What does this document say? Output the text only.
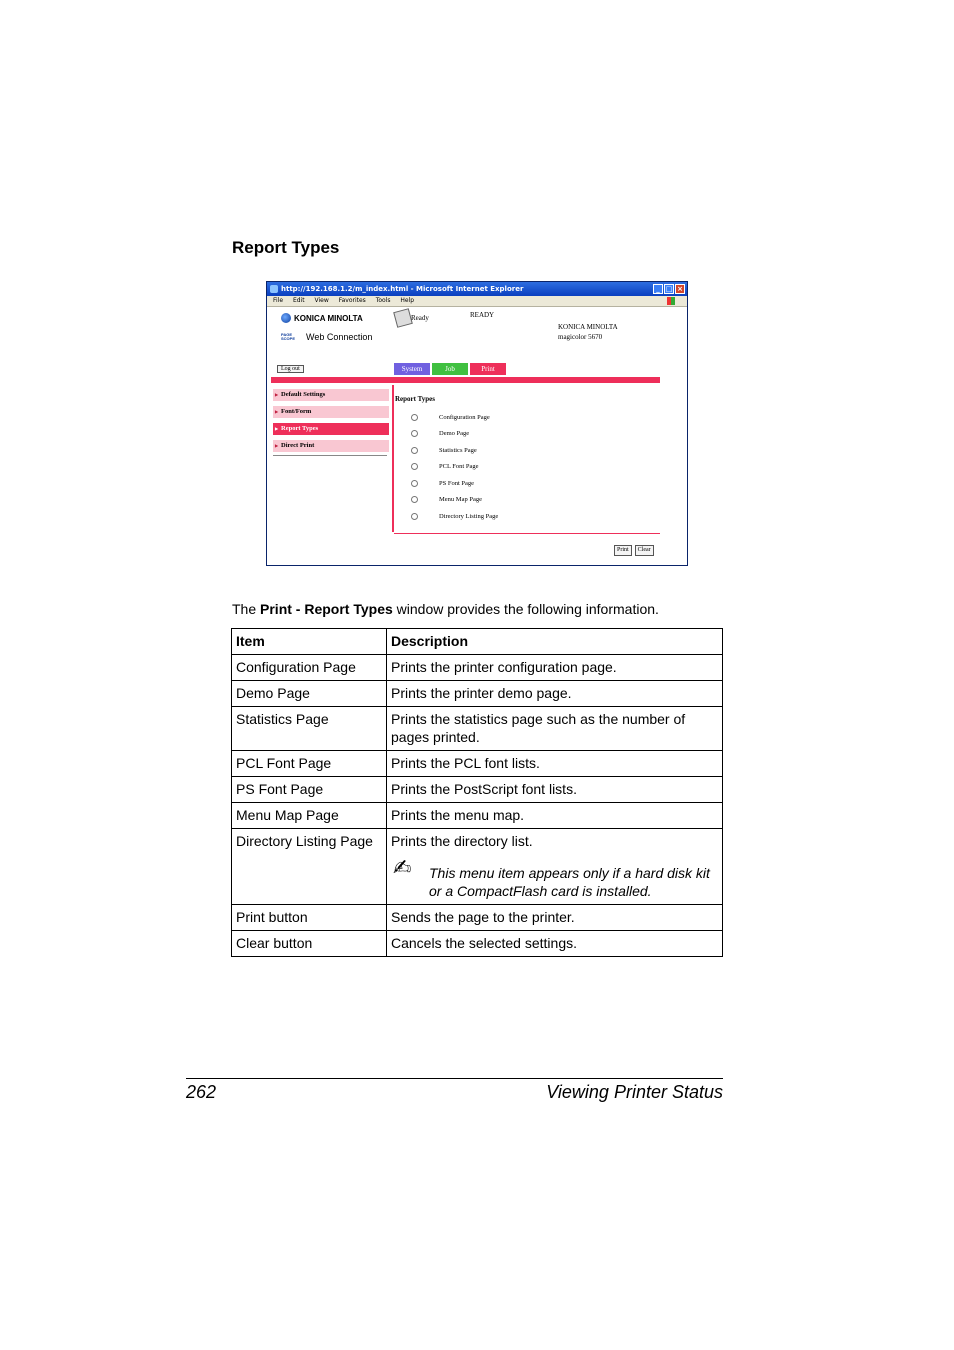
Report Types
http://192.168.1.2/m_index.html - Microsoft Internet Explorer	_ □ ×
File Edit View Favorites Tools Help
KONICA MINOLTA
PAGE SCOPE	Web Connection
Ready	READY
KONICA MINOLTA
magicolor 5670
Log out	System	Job	Print
▶ Default Settings
▶ Font/Form
▶ Report Types
▶ Direct Print
Report Types
Configuration Page
Demo Page
Statistics Page
PCL Font Page
PS Font Page
Menu Map Page
Directory Listing Page
Print	Clear
The Print - Report Types window provides the following information.
Item	Description
Configuration Page	Prints the printer configuration page.
Demo Page	Prints the printer demo page.
Statistics Page	Prints the statistics page such as the number of pages printed.
PCL Font Page	Prints the PCL font lists.
PS Font Page	Prints the PostScript font lists.
Menu Map Page	Prints the menu map.
Directory Listing Page	Prints the directory list.
✍ This menu item appears only if a hard disk kit or a CompactFlash card is installed.

Print button	Sends the page to the printer.
Clear button	Cancels the selected settings.
262	Viewing Printer Status
